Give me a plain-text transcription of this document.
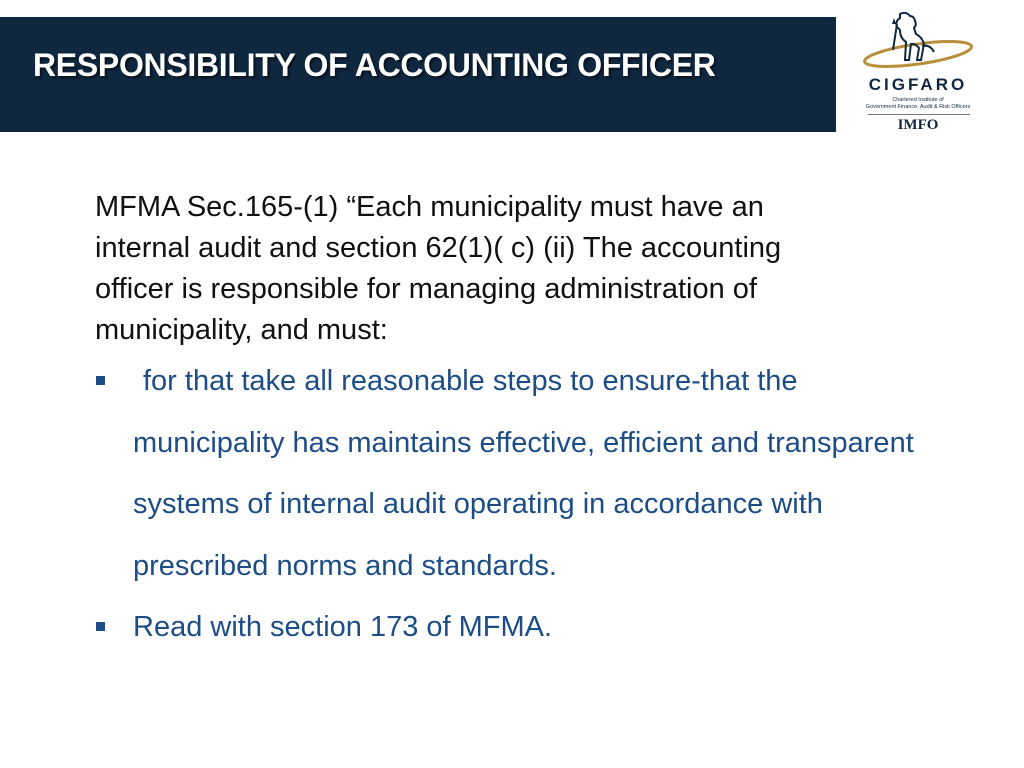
RESPONSIBILITY OF ACCOUNTING OFFICER
CIGFARO
Chartered Institute of
Government Finance, Audit & Risk Officers
IMFO

MFMA Sec.165-(1) “Each municipality must have an internal audit and section 62(1)( c) (ii) The accounting officer is responsible for managing administration of municipality, and must:

for that take all reasonable steps to ensure-that the municipality has maintains effective, efficient and transparent systems of internal audit operating in accordance with prescribed norms and standards.
Read with section 173 of MFMA.
